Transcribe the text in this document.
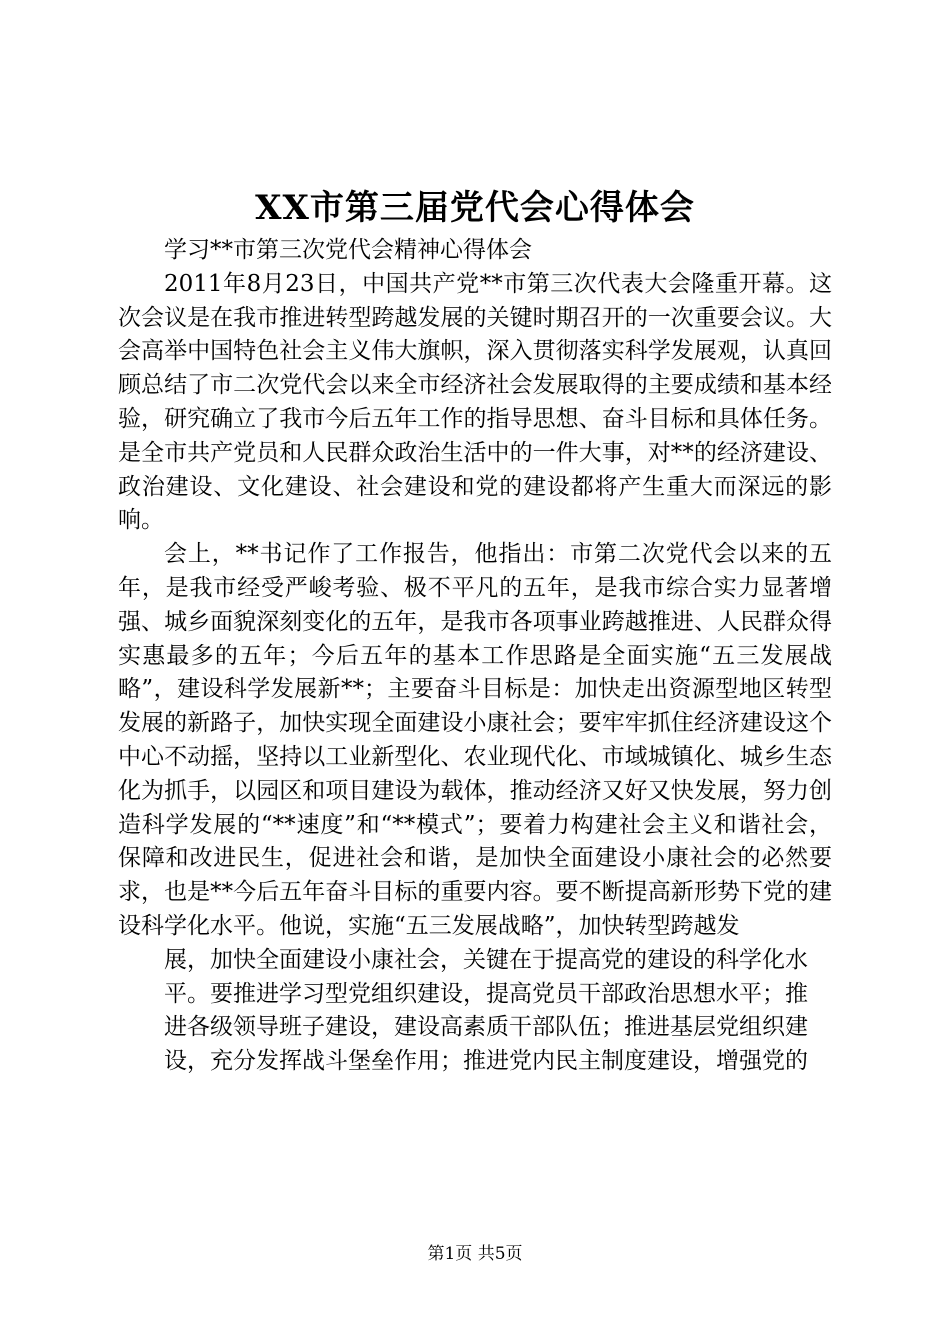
XX市第三届党代会心得体会

学习**市第三次党代会精神心得体会

2011年8月23日，中国共产党**市第三次代表大会隆重开幕。这次会议是在我市推进转型跨越发展的关键时期召开的一次重要会议。大会高举中国特色社会主义伟大旗帜，深入贯彻落实科学发展观，认真回顾总结了市二次党代会以来全市经济社会发展取得的主要成绩和基本经验，研究确立了我市今后五年工作的指导思想、奋斗目标和具体任务。是全市共产党员和人民群众政治生活中的一件大事，对**的经济建设、政治建设、文化建设、社会建设和党的建设都将产生重大而深远的影响。

会上，**书记作了工作报告，他指出：市第二次党代会以来的五年，是我市经受严峻考验、极不平凡的五年，是我市综合实力显著增强、城乡面貌深刻变化的五年，是我市各项事业跨越推进、人民群众得实惠最多的五年；今后五年的基本工作思路是全面实施“五三发展战略”，建设科学发展新**；主要奋斗目标是：加快走出资源型地区转型发展的新路子，加快实现全面建设小康社会；要牢牢抓住经济建设这个中心不动摇，坚持以工业新型化、农业现代化、市域城镇化、城乡生态化为抓手，以园区和项目建设为载体，推动经济又好又快发展，努力创造科学发展的“**速度”和“**模式”；要着力构建社会主义和谐社会，保障和改进民生，促进社会和谐，是加快全面建设小康社会的必然要求，也是**今后五年奋斗目标的重要内容。要不断提高新形势下党的建设科学化水平。他说，实施“五三发展战略”，加快转型跨越发

展，加快全面建设小康社会，关键在于提高党的建设的科学化水

平。要推进学习型党组织建设，提高党员干部政治思想水平；推

进各级领导班子建设，建设高素质干部队伍；推进基层党组织建

设，充分发挥战斗堡垒作用；推进党内民主制度建设，增强党的

第1页 共5页
